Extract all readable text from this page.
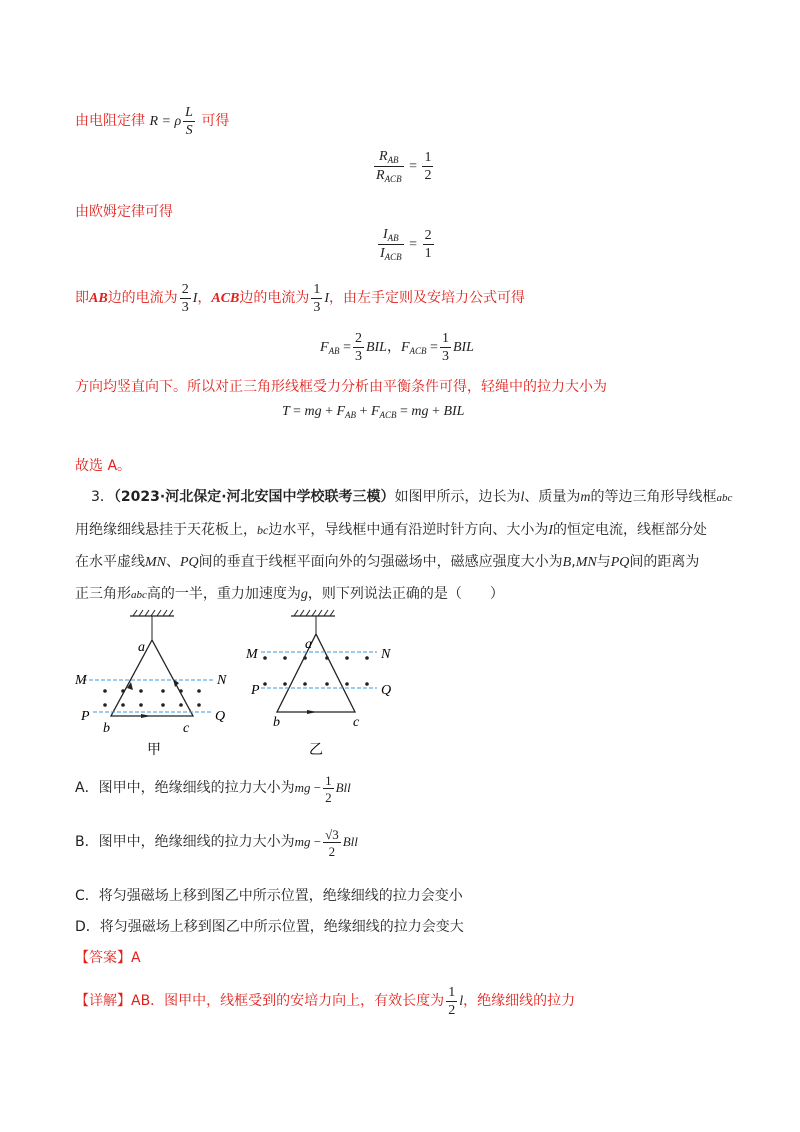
由电阻定律 R = ρ $\frac{L}{S}$ 可得
$\frac{R_{AB}}{R_{ACB}} = \frac{1}{2}$
由欧姆定律可得
$\frac{I_{AB}}{I_{ACB}} = \frac{2}{1}$
即AB边的电流为 $\frac{2}{3}$ I，ACB边的电流为 $\frac{1}{3}$ I，由左手定则及安培力公式可得
$F_{AB} = \frac{2}{3}$ BIL，$F_{ACB} = \frac{1}{3}$ BIL
方向均竖直向下。所以对正三角形线框受力分析由平衡条件可得，轻绳中的拉力大小为
T = mg + $F_{AB} + F_{ACB}$ = mg + BIL
故选 A。
3．（2023·河北保定·河北安国中学校联考三模）如图甲所示，边长为l、质量为m的等边三角形导线框abc
用绝缘细线悬挂于天花板上，bc边水平，导线框中通有沿逆时针方向、大小为I的恒定电流，线框部分处
在水平虚线MN、PQ间的垂直于线框平面向外的匀强磁场中，磁感应强度大小为B,MN与PQ间的距离为
正三角形abc高的一半，重力加速度为g，则下列说法正确的是（　　）
a
M	N
P	Q
b	c
甲
a
M	N
P	Q
b	c
乙
A．图甲中，绝缘细线的拉力大小为mg − $\frac{1}{2}$ Bll
B．图甲中，绝缘细线的拉力大小为mg − $\frac{√3}{2}$ Bll
C．将匀强磁场上移到图乙中所示位置，绝缘细线的拉力会变小
D．将匀强磁场上移到图乙中所示位置，绝缘细线的拉力会变大
【答案】A
【详解】AB．图甲中，线框受到的安培力向上，有效长度为 $\frac{1}{2}$ l，绝缘细线的拉力
